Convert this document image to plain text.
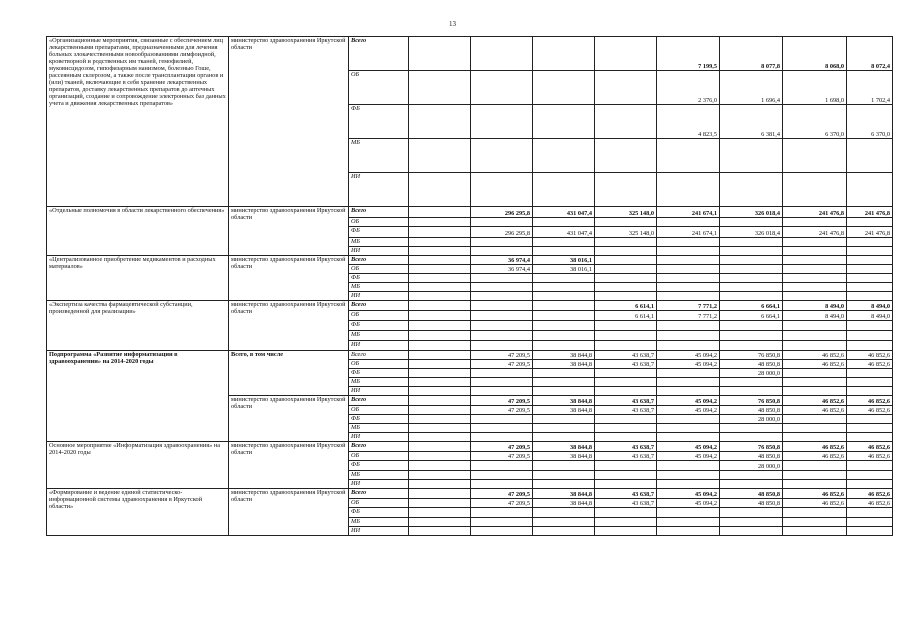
13
«Организационные мероприятия, связанные с обеспечением лиц лекарственными препаратами, предназначенными для лечения больных злокачественными новообразованиями лимфоидной, кроветворной и родственных им тканей, гемофилией, муковисцидозом, гипофизарным нанизмом, болезнью Гоше, рассеянным склерозом, а также после трансплантации органов и (или) тканей, включающие в себя хранение лекарственных препаратов, доставку лекарственных препаратов до аптечных организаций, создание и сопровождение электронных баз данных учета и движения лекарственных препаратов»	министерство здравоохранения Иркутской области	Всего					7 199,5	8 077,8	8 068,0	8 072,4
		ОБ					2 376,0	1 696,4	1 698,0	1 702,4
		ФБ					4 823,5	6 381,4	6 370,0	6 370,0
		МБ								
		ИИ								
«Отдельные полномочия в области лекарственного обеспечения»	министерство здравоохранения Иркутской области	Всего		296 295,8	431 047,4	325 148,0	241 674,1	326 018,4	241 476,8	241 476,8
		ОБ								
		ФБ		296 295,8	431 047,4	325 148,0	241 674,1	326 018,4	241 476,8	241 476,8
		МБ								
		ИИ								
«Централизованное приобретение медикаментов и расходных материалов»	министерство здравоохранения Иркутской области	Всего		36 974,4	38 016,1					
		ОБ		36 974,4	38 016,1					
		ФБ								
		МБ								
		ИИ								
«Экспертиза качества фармацевтической субстанции, произведенной для реализации»	министерство здравоохранения Иркутской области	Всего				6 614,1	7 771,2	6 664,1	8 494,0	8 494,0
		ОБ				6 614,1	7 771,2	6 664,1	8 494,0	8 494,0
		ФБ								
		МБ								
		ИИ								
Подпрограмма «Развитие информатизации в здравоохранении» на 2014-2020 годы	Всего, в том числе	Всего		47 209,5	38 844,8	43 638,7	45 094,2	76 850,8	46 852,6	46 852,6
		ОБ		47 209,5	38 844,8	43 638,7	45 094,2	48 850,8	46 852,6	46 852,6
		ФБ						28 000,0		
		МБ								
		ИИ								
	министерство здравоохранения Иркутской области	Всего		47 209,5	38 844,8	43 638,7	45 094,2	76 850,8	46 852,6	46 852,6
		ОБ		47 209,5	38 844,8	43 638,7	45 094,2	48 850,8	46 852,6	46 852,6
		ФБ						28 000,0		
		МБ								
		ИИ								
Основное мероприятие «Информатизация здравоохранения» на 2014-2020 годы	министерство здравоохранения Иркутской области	Всего		47 209,5	38 844,8	43 638,7	45 094,2	76 850,8	46 852,6	46 852,6
		ОБ		47 209,5	38 844,8	43 638,7	45 094,2	48 850,8	46 852,6	46 852,6
		ФБ						28 000,0		
		МБ								
		ИИ								
«Формирование и ведение единой статистическо-информационной системы здравоохранения в Иркутской области»	министерство здравоохранения Иркутской области	Всего		47 209,5	38 844,8	43 638,7	45 094,2	48 850,8	46 852,6	46 852,6
		ОБ		47 209,5	38 844,8	43 638,7	45 094,2	48 850,8	46 852,6	46 852,6
		ФБ								
		МБ								
		ИИ								
